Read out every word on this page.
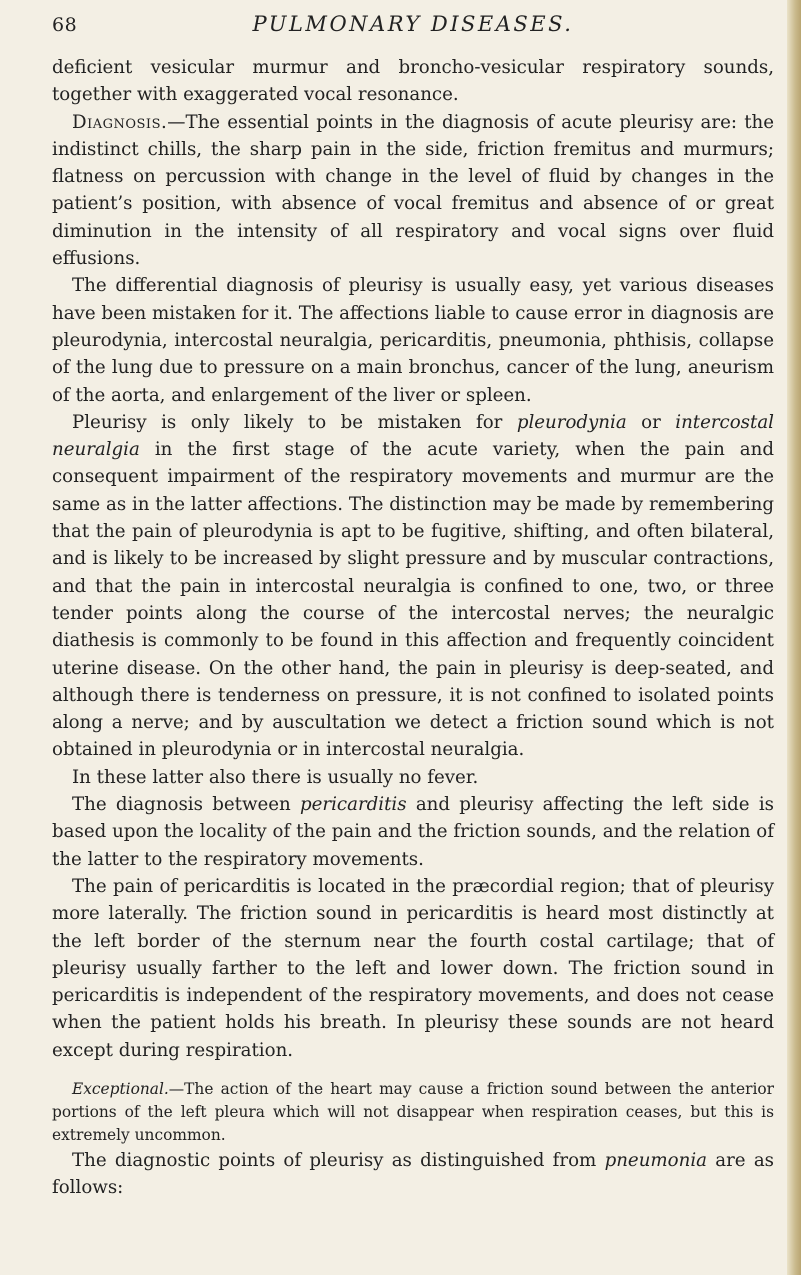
68	PULMONARY DISEASES.

deficient vesicular murmur and broncho-vesicular respiratory sounds, together with exaggerated vocal resonance.

Diagnosis.—The essential points in the diagnosis of acute pleurisy are: the indistinct chills, the sharp pain in the side, friction fremitus and murmurs; flatness on percussion with change in the level of fluid by changes in the patient’s position, with absence of vocal fremitus and absence of or great diminution in the intensity of all respiratory and vocal signs over fluid effusions.

The differential diagnosis of pleurisy is usually easy, yet various diseases have been mistaken for it. The affections liable to cause error in diagnosis are pleurodynia, intercostal neuralgia, pericarditis, pneumonia, phthisis, collapse of the lung due to pressure on a main bronchus, cancer of the lung, aneurism of the aorta, and enlargement of the liver or spleen.

Pleurisy is only likely to be mistaken for pleurodynia or intercostal neuralgia in the first stage of the acute variety, when the pain and consequent impairment of the respiratory movements and murmur are the same as in the latter affections. The distinction may be made by remembering that the pain of pleurodynia is apt to be fugitive, shifting, and often bilateral, and is likely to be increased by slight pressure and by muscular contractions, and that the pain in intercostal neuralgia is confined to one, two, or three tender points along the course of the intercostal nerves; the neuralgic diathesis is commonly to be found in this affection and frequently coincident uterine disease. On the other hand, the pain in pleurisy is deep-seated, and although there is tenderness on pressure, it is not confined to isolated points along a nerve; and by auscultation we detect a friction sound which is not obtained in pleurodynia or in intercostal neuralgia.

In these latter also there is usually no fever.

The diagnosis between pericarditis and pleurisy affecting the left side is based upon the locality of the pain and the friction sounds, and the relation of the latter to the respiratory movements.

The pain of pericarditis is located in the præcordial region; that of pleurisy more laterally. The friction sound in pericarditis is heard most distinctly at the left border of the sternum near the fourth costal cartilage; that of pleurisy usually farther to the left and lower down. The friction sound in pericarditis is independent of the respiratory movements, and does not cease when the patient holds his breath. In pleurisy these sounds are not heard except during respiration.

Exceptional.—The action of the heart may cause a friction sound between the anterior portions of the left pleura which will not disappear when respiration ceases, but this is extremely uncommon.

The diagnostic points of pleurisy as distinguished from pneumonia are as follows:
